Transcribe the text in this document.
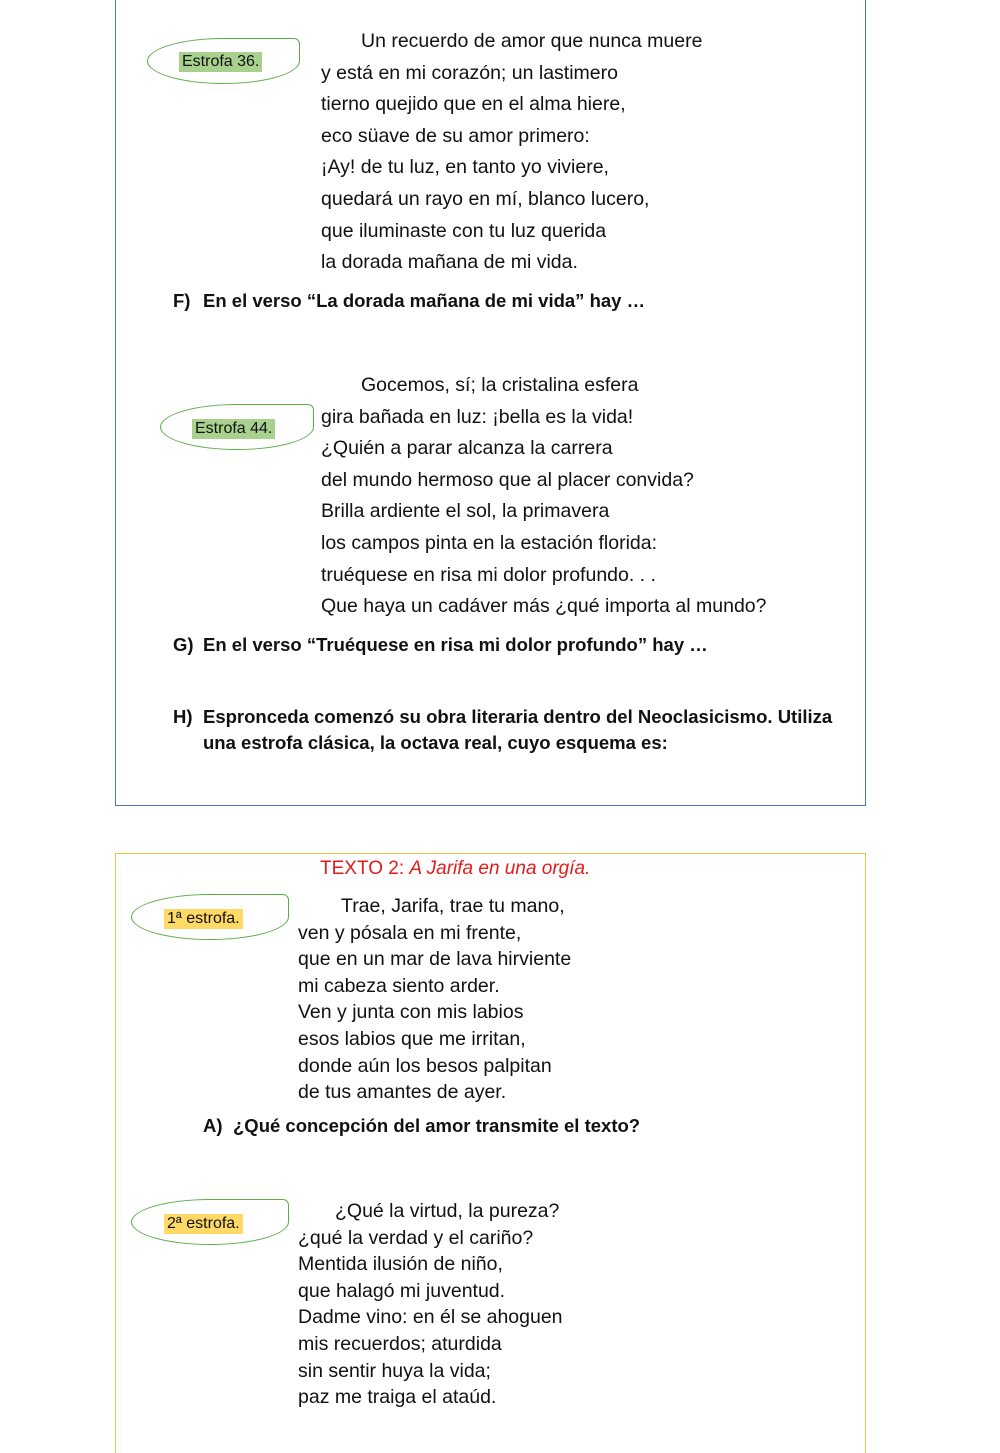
Estrofa 36.
Un recuerdo de amor que nunca muere
y está en mi corazón; un lastimero
tierno quejido que en el alma hiere,
eco süave de su amor primero:
¡Ay! de tu luz, en tanto yo viviere,
quedará un rayo en mí, blanco lucero,
que iluminaste con tu luz querida
la dorada mañana de mi vida.
F) En el verso “La dorada mañana de mi vida” hay …
Estrofa 44.
Gocemos, sí; la cristalina esfera
gira bañada en luz: ¡bella es la vida!
¿Quién a parar alcanza la carrera
del mundo hermoso que al placer convida?
Brilla ardiente el sol, la primavera
los campos pinta en la estación florida:
truéquese en risa mi dolor profundo. . .
Que haya un cadáver más ¿qué importa al mundo?
G) En el verso “Truéquese en risa mi dolor profundo” hay …
H) Espronceda comenzó su obra literaria dentro del Neoclasicismo. Utiliza
una estrofa clásica, la octava real, cuyo esquema es:
TEXTO 2: A Jarifa en una orgía.
1ª estrofa.
Trae, Jarifa, trae tu mano,
ven y pósala en mi frente,
que en un mar de lava hirviente
mi cabeza siento arder.
Ven y junta con mis labios
esos labios que me irritan,
donde aún los besos palpitan
de tus amantes de ayer.
A) ¿Qué concepción del amor transmite el texto?
2ª estrofa.
¿Qué la virtud, la pureza?
¿qué la verdad y el cariño?
Mentida ilusión de niño,
que halagó mi juventud.
Dadme vino: en él se ahoguen
mis recuerdos; aturdida
sin sentir huya la vida;
paz me traiga el ataúd.
